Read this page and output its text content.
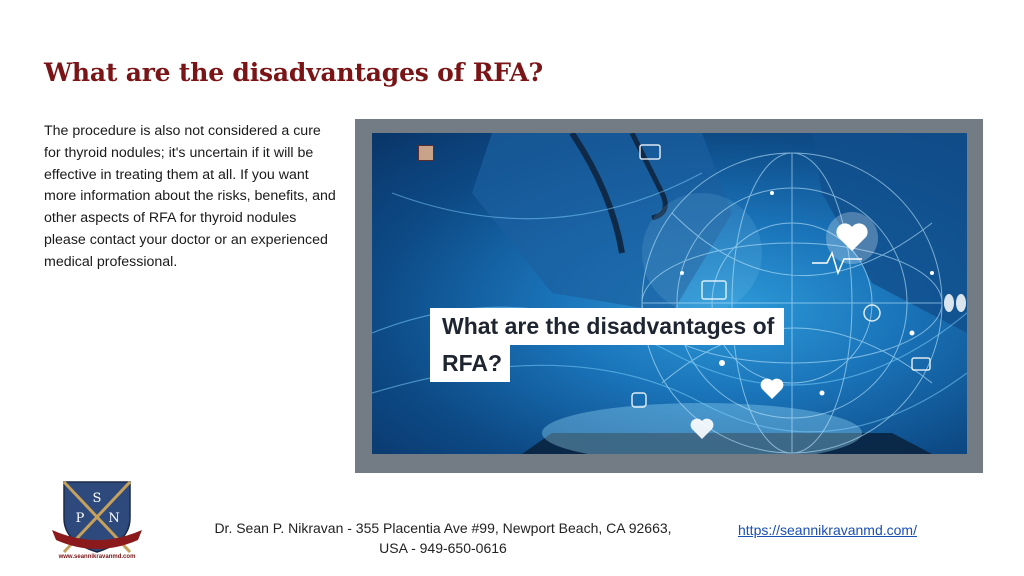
What are the disadvantages of RFA?

The procedure is also not considered a cure for thyroid nodules; it's uncertain if it will be effective in treating them at all. If you want more information about the risks, benefits, and other aspects of RFA for thyroid nodules please contact your doctor or an experienced medical professional.

What are the disadvantages of
RFA?
S
P N
www.seannikravanmd.com
Dr. Sean P. Nikravan - 355 Placentia Ave #99, Newport Beach, CA 92663,
USA - 949-650-0616
https://seannikravanmd.com/
